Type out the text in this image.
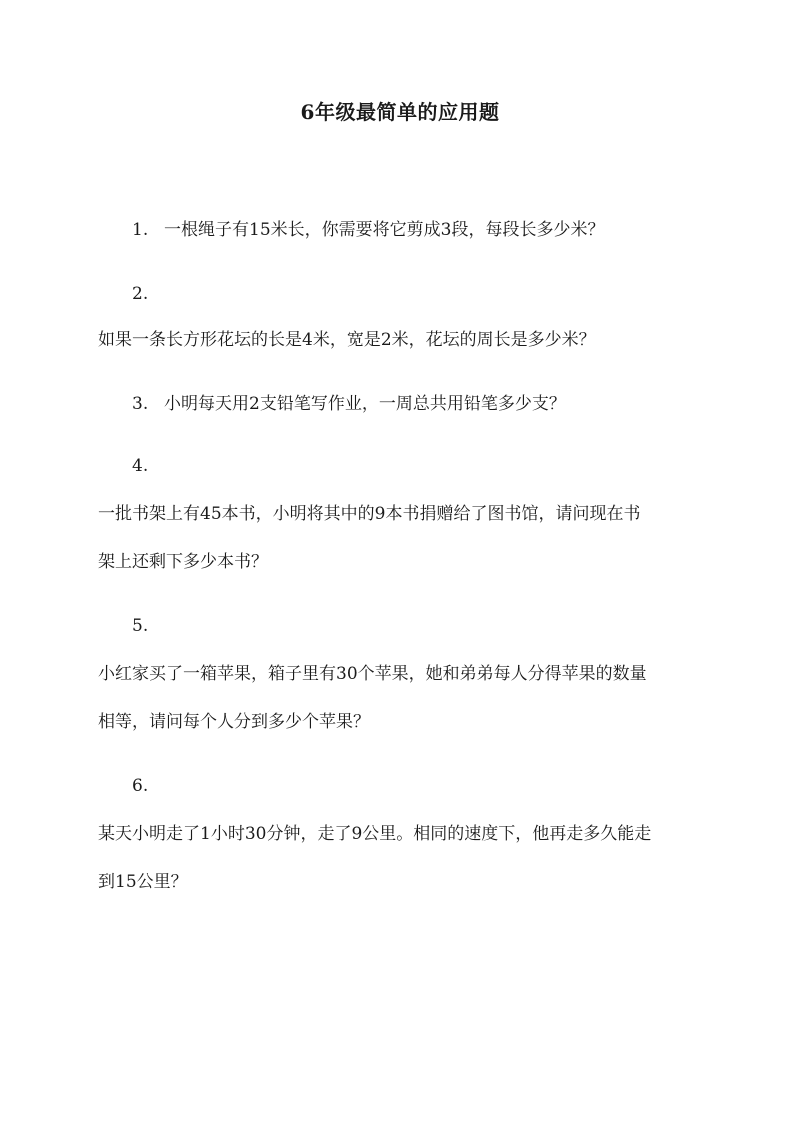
6年级最简单的应用题
1. 一根绳子有15米长，你需要将它剪成3段，每段长多少米？
2.
如果一条长方形花坛的长是4米，宽是2米，花坛的周长是多少米？
3. 小明每天用2支铅笔写作业，一周总共用铅笔多少支？
4.
一批书架上有45本书，小明将其中的9本书捐赠给了图书馆，请问现在书
架上还剩下多少本书？
5.
小红家买了一箱苹果，箱子里有30个苹果，她和弟弟每人分得苹果的数量
相等，请问每个人分到多少个苹果？
6.
某天小明走了1小时30分钟，走了9公里。相同的速度下，他再走多久能走
到15公里？
